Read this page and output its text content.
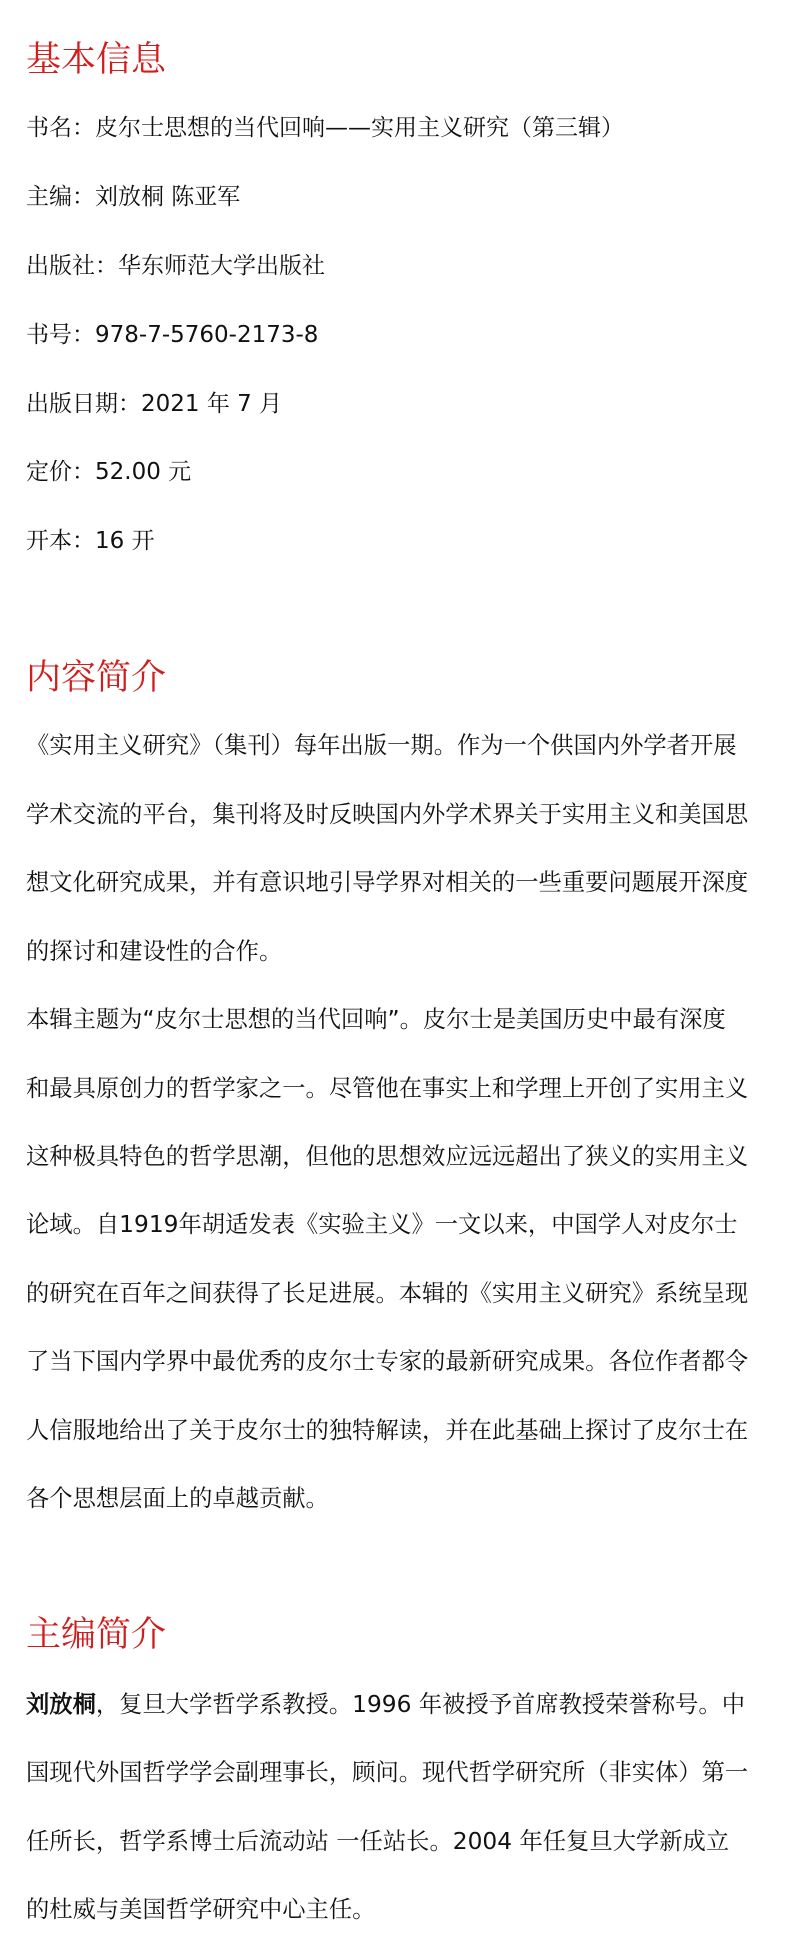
基本信息

书名：皮尔士思想的当代回响——实用主义研究（第三辑）

主编：刘放桐 陈亚军

出版社：华东师范大学出版社

书号：978-7-5760-2173-8

出版日期：2021 年 7 月

定价：52.00 元

开本：16 开

内容简介

《实用主义研究》（集刊）每年出版一期。作为一个供国内外学者开展

学术交流的平台，集刊将及时反映国内外学术界关于实用主义和美国思

想文化研究成果，并有意识地引导学界对相关的一些重要问题展开深度

的探讨和建设性的合作。

本辑主题为“皮尔士思想的当代回响”。皮尔士是美国历史中最有深度

和最具原创力的哲学家之一。尽管他在事实上和学理上开创了实用主义

这种极具特色的哲学思潮，但他的思想效应远远超出了狭义的实用主义

论域。自1919年胡适发表《实验主义》一文以来，中国学人对皮尔士

的研究在百年之间获得了长足进展。本辑的《实用主义研究》系统呈现

了当下国内学界中最优秀的皮尔士专家的最新研究成果。各位作者都令

人信服地给出了关于皮尔士的独特解读，并在此基础上探讨了皮尔士在

各个思想层面上的卓越贡献。

主编简介

刘放桐，复旦大学哲学系教授。1996 年被授予首席教授荣誉称号。中

国现代外国哲学学会副理事长，顾问。现代哲学研究所（非实体）第一

任所长，哲学系博士后流动站 一任站长。2004 年任复旦大学新成立

的杜威与美国哲学研究中心主任。
